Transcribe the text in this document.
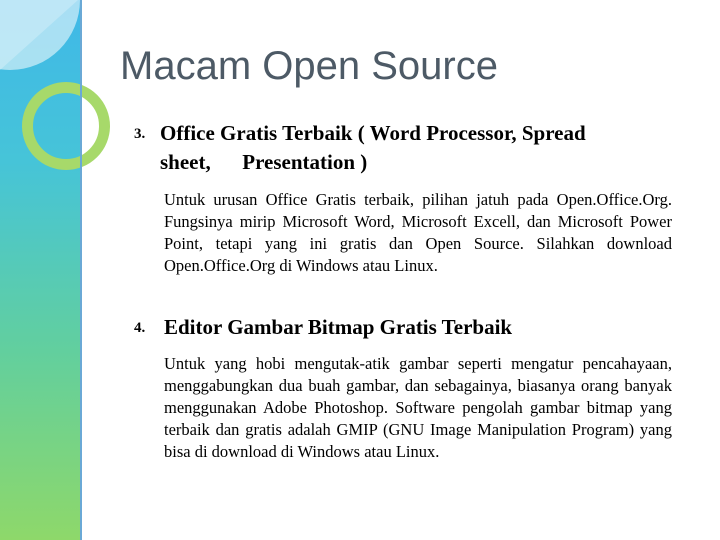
Macam Open Source
3. Office Gratis Terbaik ( Word Processor, Spread
sheet,      Presentation )
Untuk urusan Office Gratis terbaik, pilihan jatuh pada Open.Office.Org. Fungsinya mirip Microsoft Word, Microsoft Excell, dan Microsoft Power Point, tetapi yang ini gratis dan Open Source. Silahkan download Open.Office.Org di Windows atau Linux.
4. Editor Gambar Bitmap Gratis Terbaik
Untuk yang hobi mengutak-atik gambar seperti mengatur pencahayaan, menggabungkan dua buah gambar, dan sebagainya, biasanya orang banyak menggunakan Adobe Photoshop. Software pengolah gambar bitmap yang terbaik dan gratis adalah GMIP (GNU Image Manipulation Program) yang bisa di download di Windows atau Linux.
